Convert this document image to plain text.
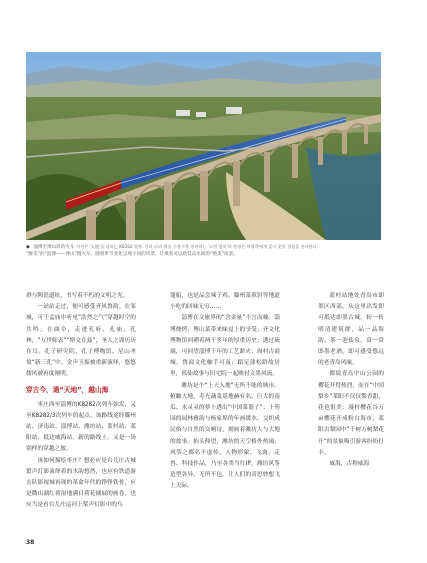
◆ 淄博至博山段的火车 사진은 '天地'를 달리는 K8282 열차. 산과 다리 위를 구불구불 통과하는 '느린 열차'의 풍경은 여행객에게 잊지 못할 경험을 선사한다.
“醉美”的“淄博——博山”慢火车，随着季节变化呈现不同的风景，让乘客可以欣赏山水间的“绝美”风景。

群与陶瓷遗址，书写着不朽的文明之光。

一站站走过，便可感受齐风鲁韵。在邹城，可于孟庙中听见“浩然之气”穿越时空的共鸣；在曲阜，走进孔府、孔庙、孔林，“万世师表”“斯文在兹”，圣人之训历历在耳。孔子研究院、孔子博物馆、尼山圣境“新三孔”中，金声玉振被重新演绎，悠悠儒风被再度阐明。

穿古今，通“天地”，越山海

枣庄西至淄博的K8282次列车始发，又至K8282/3次列车的起点。该路线途经滕州站、济南站、淄博站、潍坊站、蓝村站、莱阳站，抵达威海站。新的路线上，又是一场别样的穿越之旅。

该如何描绘枣庄？想必应是台儿庄古城繁声灯影演绎着的水韵悠然，也应有铁道游击队影视城再现的革命年代的铮铮铁骨，应是微山湖红荷湿地满目荷花铺展的画卷，也应当是看台儿庄运河上桨声灯影中的乌

篷船，也是品尝辣子鸡、滕州菜煎饼等地道小吃的回味无穷……

淄博在文旅界的“含金量”不言而喻。淄博烧烤、博山菜带来味觉上的享受；齐文化博物馆回溯着两千多年的厚重历史；透过琉璃，可回望淄博千年的工艺薪火；周村古商城，鲁商文化触手可及；蹈足蒲松龄故居里，孤仙故事与旧宅院一起映衬文墨风流。

潍坊是个“上天入地”无所不能的城市。俯瞰大地，寿光蔬菜基地赫有名，巨大的南瓜、水灵灵的萝卜透出“中国菜篮子”；十笏园的园林雅韵与杨家埠的年画缓水、交织成民俗与自然的交响诗，刻画着潍坊人与大地的故事。抬头仰望，潍坊的天空格外热闹，风筝之都名不虚传，人物形象、飞禽、走兽、科技作品，乃至各类当红IP，潍坊风筝造型各异，无所不包，让人们的奇思妙想飞上天际。

蓝村站地处青岛市即墨区西部，从这里出发即可抵达即墨古城。转一转明清建筑群，品一品海韵、茶一泡盐泉，赏一赏即墨老酒，即可感受悠远的老青岛风味。

都说青岛中山公园的樱花开得热烈，而在“中国梨乡”莱阳不仅仅梨香甜、花也很美：漫村樱花谷万亩樱花开成粉白海市，莱阳古梨园中“千树万树梨花开”的景象吸引游客纷纷打卡。

威海，古称威海

38
